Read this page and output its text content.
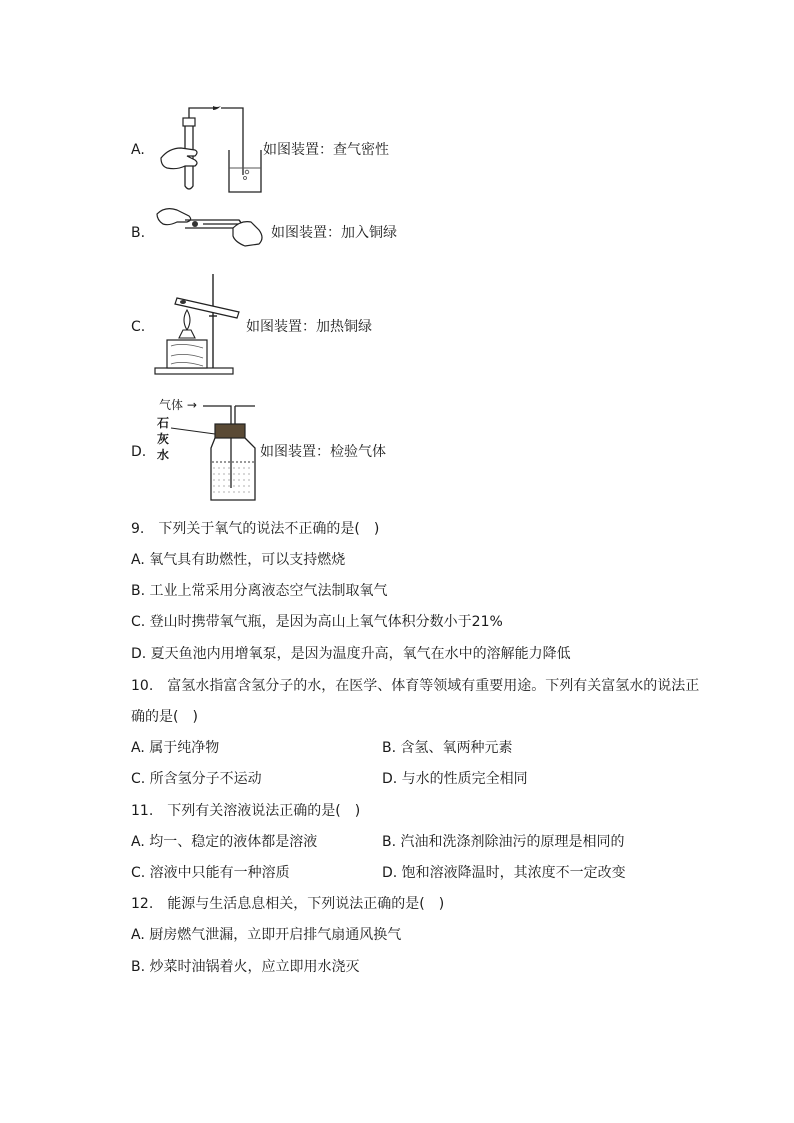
A.	如图装置：查气密性
B.	如图装置：加入铜绿
C.	如图装置：加热铜绿
D.
气体 →
石
灰
水	如图装置：检验气体
9.　下列关于氧气的说法不正确的是(　)
A. 氧气具有助燃性，可以支持燃烧
B. 工业上常采用分离液态空气法制取氧气
C. 登山时携带氧气瓶，是因为高山上氧气体积分数小于21%
D. 夏天鱼池内用增氧泵，是因为温度升高，氧气在水中的溶解能力降低
10.　富氢水指富含氢分子的水，在医学、体育等领域有重要用途。下列有关富氢水的说法正
确的是(　)
A. 属于纯净物	B. 含氢、氧两种元素
C. 所含氢分子不运动	D. 与水的性质完全相同
11.　下列有关溶液说法正确的是(　)
A. 均一、稳定的液体都是溶液	B. 汽油和洗涤剂除油污的原理是相同的
C. 溶液中只能有一种溶质	D. 饱和溶液降温时，其浓度不一定改变
12.　能源与生活息息相关，下列说法正确的是(　)
A. 厨房燃气泄漏，立即开启排气扇通风换气
B. 炒菜时油锅着火，应立即用水浇灭
